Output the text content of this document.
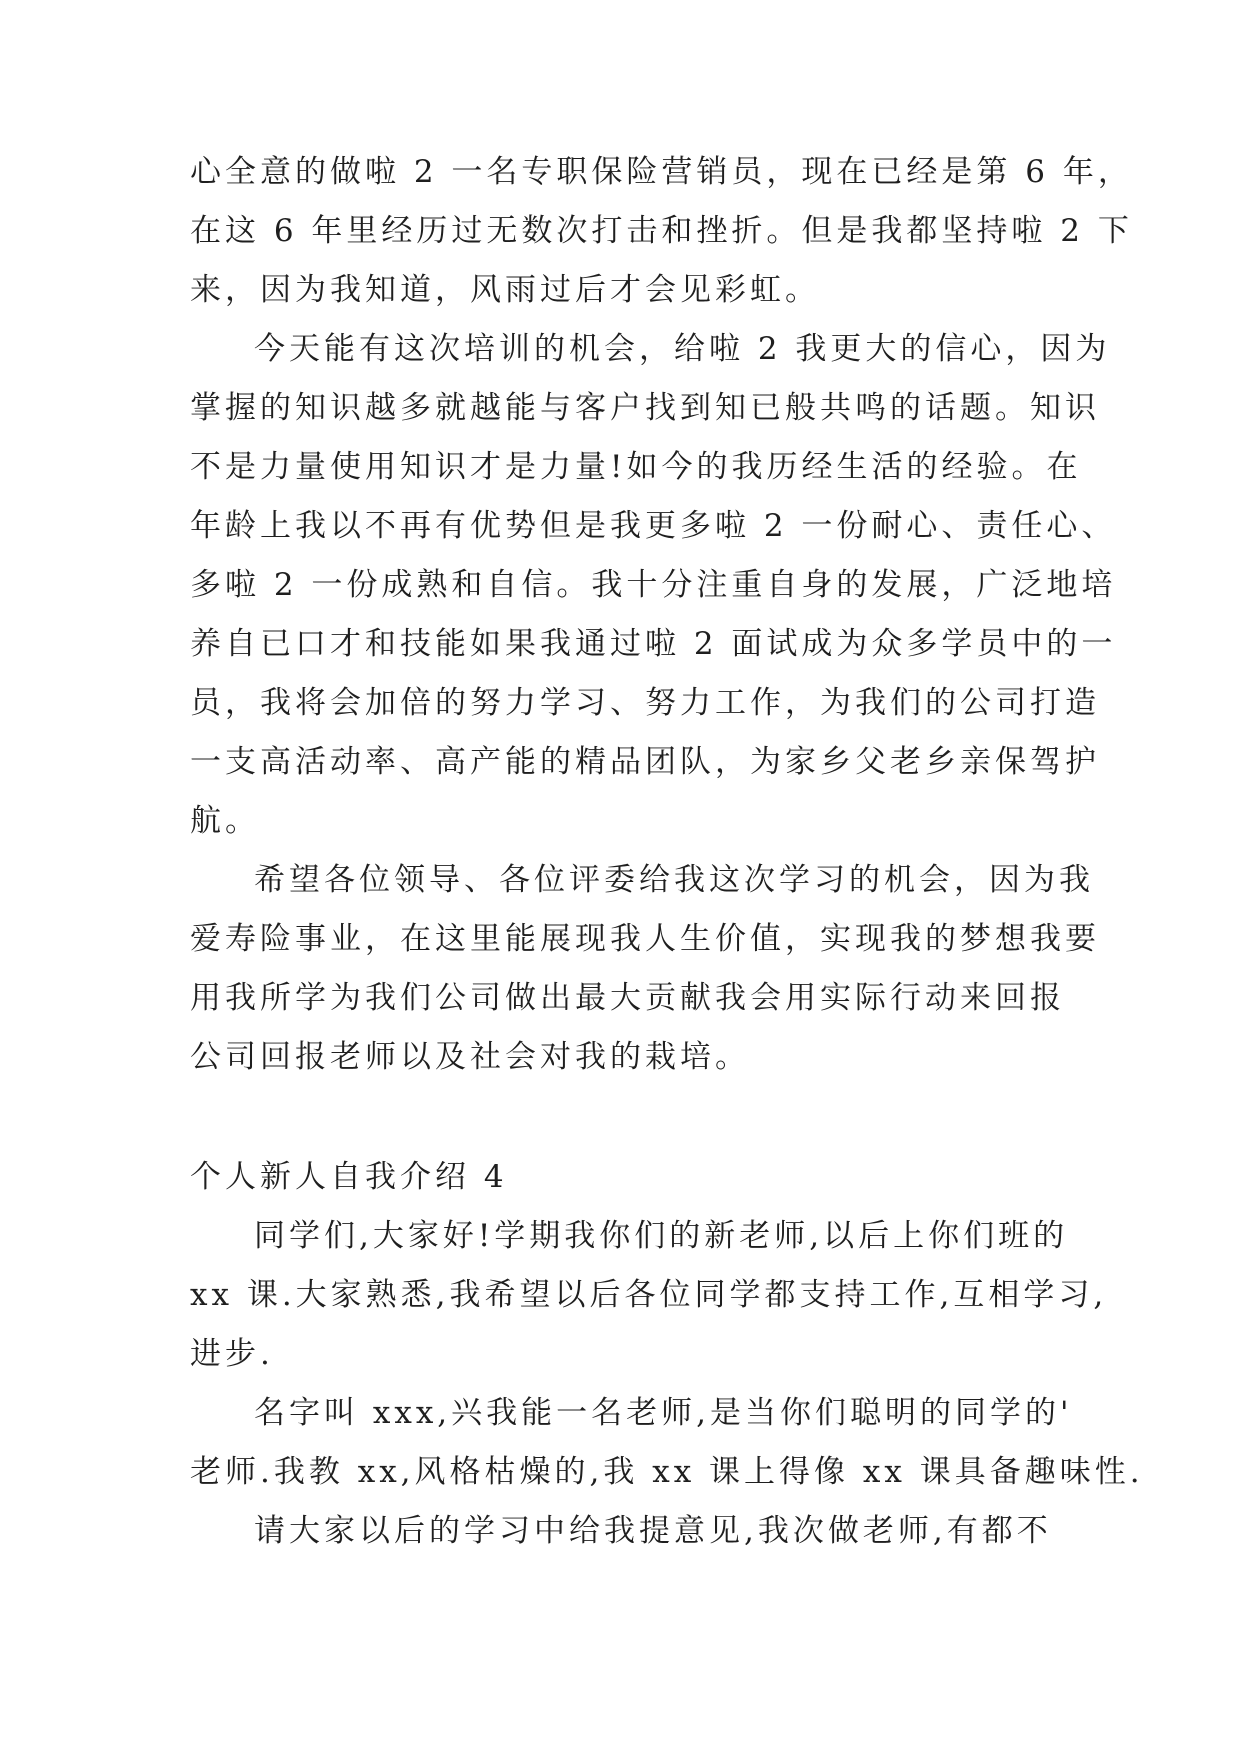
心全意的做啦 2 一名专职保险营销员，现在已经是第 6 年，
在这 6 年里经历过无数次打击和挫折。但是我都坚持啦 2 下
来，因为我知道，风雨过后才会见彩虹。
今天能有这次培训的机会，给啦 2 我更大的信心，因为
掌握的知识越多就越能与客户找到知已般共鸣的话题。知识
不是力量使用知识才是力量!如今的我历经生活的经验。在
年龄上我以不再有优势但是我更多啦 2 一份耐心、责任心、
多啦 2 一份成熟和自信。我十分注重自身的发展，广泛地培
养自已口才和技能如果我通过啦 2 面试成为众多学员中的一
员，我将会加倍的努力学习、努力工作，为我们的公司打造
一支高活动率、高产能的精品团队，为家乡父老乡亲保驾护
航。
希望各位领导、各位评委给我这次学习的机会，因为我
爱寿险事业，在这里能展现我人生价值，实现我的梦想我要
用我所学为我们公司做出最大贡献我会用实际行动来回报
公司回报老师以及社会对我的栽培。
个人新人自我介绍 4
同学们,大家好!学期我你们的新老师,以后上你们班的
xx 课.大家熟悉,我希望以后各位同学都支持工作,互相学习,
进步.
名字叫 xxx,兴我能一名老师,是当你们聪明的同学的'
老师.我教 xx,风格枯燥的,我 xx 课上得像 xx 课具备趣味性.
请大家以后的学习中给我提意见,我次做老师,有都不
